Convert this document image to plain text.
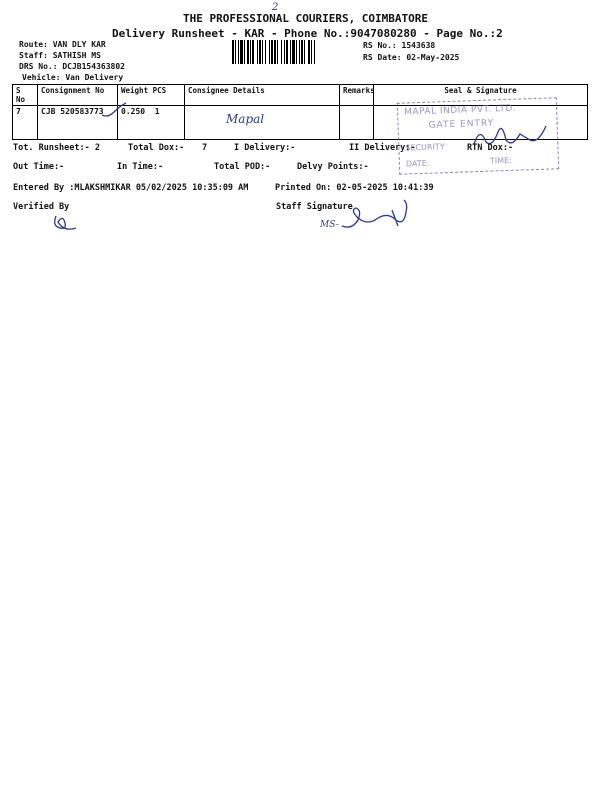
2
THE PROFESSIONAL COURIERS, COIMBATORE
Delivery Runsheet - KAR - Phone No.:9047080280 - Page No.:2
Route: VAN DLY KAR
Staff: SATHISH MS
DRS No.: DCJB154363802
Vehicle: Van Delivery
RS No.: 1543638
RS Date: 02-May-2025
S No	Consignment No	Weight PCS	Consignee Details	Remarks	Seal & Signature
7	CJB 520583773	0.250 1			
Mapal
MAPAL INDIA PVT. LTD.
GATE ENTRY
SECURITY
DATE:	TIME:
Tot. Runsheet:- 2	Total Dox:- 7	I Delivery:-	II Delivery:-	RTN Dox:-
Out Time:-	In Time:-	Total POD:-	Delvy Points:-
Entered By :MLAKSHMIKAR 05/02/2025 10:35:09 AM	Printed On: 02-05-2025 10:41:39
Verified By	Staff Signature
MS-
